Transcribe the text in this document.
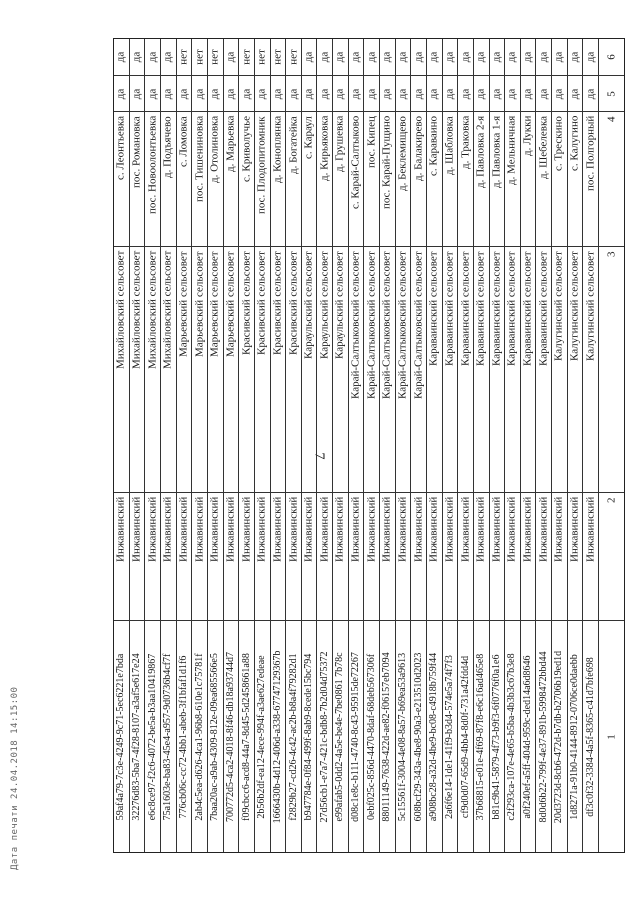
7
Дата печати 24.04.2018 14:15:00
6
5
4
3
2
1
да
да
пос. Полгорный
Калугинский сельсовет
Инжавинский
df3c0f32-3384-4a5f-8365-c41d7bfe698
да
да
с. Калугино
Калугинский сельсовет
Инжавинский
1d8271a-91b0-4144-8912-0706ce0daebb
да
да
с. Трескино
Калугинский сельсовет
Инжавинский
20d3723d-8cb6-472d-b7db-b2706b19ed1d
да
да
д. Шебелевка
Караваинский сельсовет
Инжавинский
8d0d6b22-799f-4e37-891b-5998472bbd44
да
да
д. Лукки
Караваинский сельсовет
Инжавинский
a0f240ef-a5ff-404d-959c-ded14a6d8646
да
да
д. Мельничная
Караваинский сельсовет
Инжавинский
c2f293ca-107e-4e65-b5ba-4b3b3c67b3e8
да
да
д. Павловка 1-я
Караваинский сельсовет
Инжавинский
b81c9b41-5879-4f73-b9f3-6f0776f0a1e6
да
да
д. Павловка 2-я
Караваинский сельсовет
Инжавинский
37b68815-e01e-4f69-87f8-e6c16ad465e8
да
да
д. Трaковка
Караваинский сельсовет
Инжавинский
cf9d0d07-65d9-4bb4-8d0f-731a42fdd4d
да
да
д. Шабловка
Караваинский сельсовет
Инжавинский
2a6f6e14-1de1-41f9-b3d4-574e5a74f7f3
да
да
с. Караваино
Караваинский сельсовет
Инжавинский
a908bc28-a32d-4be9-bc08-c4918b759f44
да
да
д. Балакирево
Карай-Салтыковский сельсовет
Инжавинский
608bcf29-343a-4be8-90a3-e213510d2023
да
да
д. Беклемищево
Карай-Салтыковский сельсовет
Инжавинский
5c15561f-3004-4e08-8a57-b69ea53a9613
да
да
пос. Карай-Пущино
Карай-Салтыковский сельсовет
Инжавинский
88011149-7638-422d-ae82-f06157eb7094
да
да
пос. Кипец
Карай-Салтыковский сельсовет
Инжавинский
0ebf025c-856d-4470-8daf-68deb567306f
да
да
с. Карай-Салтыково
Карай-Салтыковский сельсовет
Инжавинский
d08c1e8c-b111-4740-8c43-95915de72267
да
да
д. Грушевка
Караульский сельсовет
Инжавинский
e99afab5-0dd2-4a5e-be4e-7be0861 7b78c
да
да
д. Кирьяковка
Караульский сельсовет
Инжавинский
27d56cb1-e7a7-421c-bdb8-7b2d04d75372
да
да
с. Караул
Караульский сельсовет
Инжавинский
b947784e-0f84-499f-8ab9-8cede15bc794
нет
да
д. Богатейка
Красивский сельсовет
Инжавинский
f2829b27-cd26-4c42-ac2b-b8a4f79282d1
нет
да
д. Коноплянка
Красивский сельсовет
Инжавинский
1666430b-4d12-406d-a338-67747129367b
нет
да
пос. Плодопитомник
Красивский сельсовет
Инжавинский
2b56b2df-ea12-4ece-994f-a3ae627edeae
нет
да
с. Криволучье
Красивский сельсовет
Инжавинский
f09cbcc6-acd8-44a7-8d45-5d2458661a88
да
да
д. Марьевка
Марьевский сельсовет
Инжавинский
700772d5-4ca2-4018-8f46-db18a93744d7
нет
да
д. Отолиновка
Марьевский сельсовет
Инжавинский
7baa20ac-a9ab-4309-812e-09ea685566e5
нет
да
пос. Тишениновка
Марьевский сельсовет
Инжавинский
2ab4c5ea-d626-4ca1-96b8-610e1c75781f
нет
да
с. Ломовка
Марьевский сельсовет
Инжавинский
776cb06c-cc72-4bb1-abeb-3f1bfaf1d1f6
да
да
д. Подъячево
Михайловский сельсовет
Инжавинский
75a1603e-ba83-45e4-a957-9d0736b4cf7f
да
да
пос. Новоолонтьевка
Михайловский сельсовет
Инжавинский
e6c8ce97-f2c6-4072-be5a-b3aa10419867
да
да
пос. Романовка
Михайловский сельсовет
Инжавинский
32276d83-5ba7-4f28-8107-a3af5e617e24
да
да
с. Леонтьевка
Михайловский сельсовет
Инжавинский
59af4a79-7c3e-4249-9c71-5ec6221e7bda
